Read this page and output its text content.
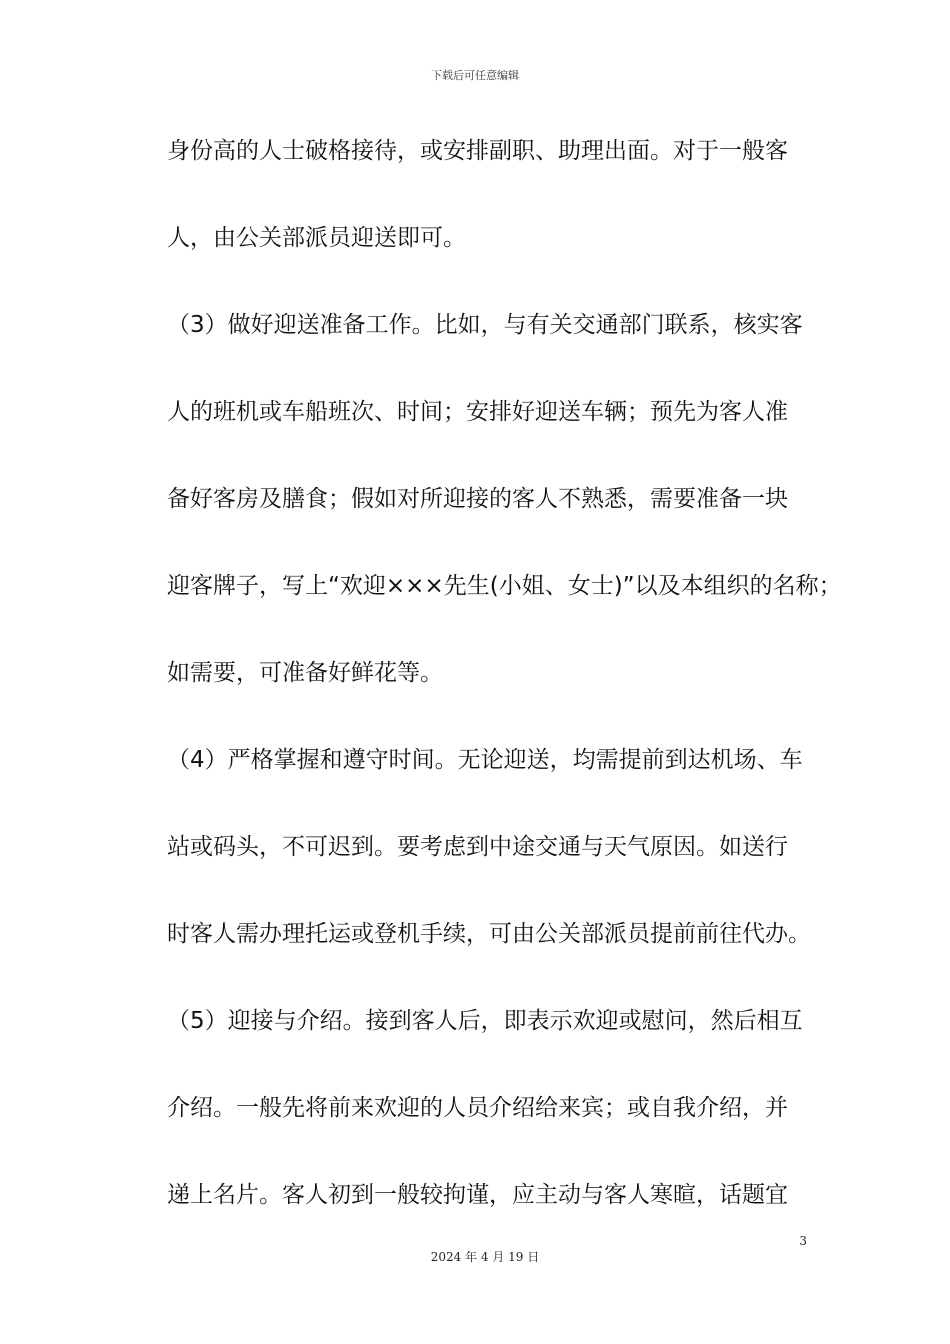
下载后可任意编辑
身份高的人士破格接待，或安排副职、助理出面。对于一般客
人，由公关部派员迎送即可。
（3）做好迎送准备工作。比如，与有关交通部门联系，核实客
人的班机或车船班次、时间；安排好迎送车辆；预先为客人准
备好客房及膳食；假如对所迎接的客人不熟悉，需要准备一块
迎客牌子，写上“欢迎×××先生(小姐、女士)”以及本组织的名称；
如需要，可准备好鲜花等。
（4）严格掌握和遵守时间。无论迎送，均需提前到达机场、车
站或码头，不可迟到。要考虑到中途交通与天气原因。如送行
时客人需办理托运或登机手续，可由公关部派员提前前往代办。
（5）迎接与介绍。接到客人后，即表示欢迎或慰问，然后相互
介绍。一般先将前来欢迎的人员介绍给来宾；或自我介绍，并
递上名片。客人初到一般较拘谨，应主动与客人寒暄，话题宜
3
2024 年 4 月 19 日
